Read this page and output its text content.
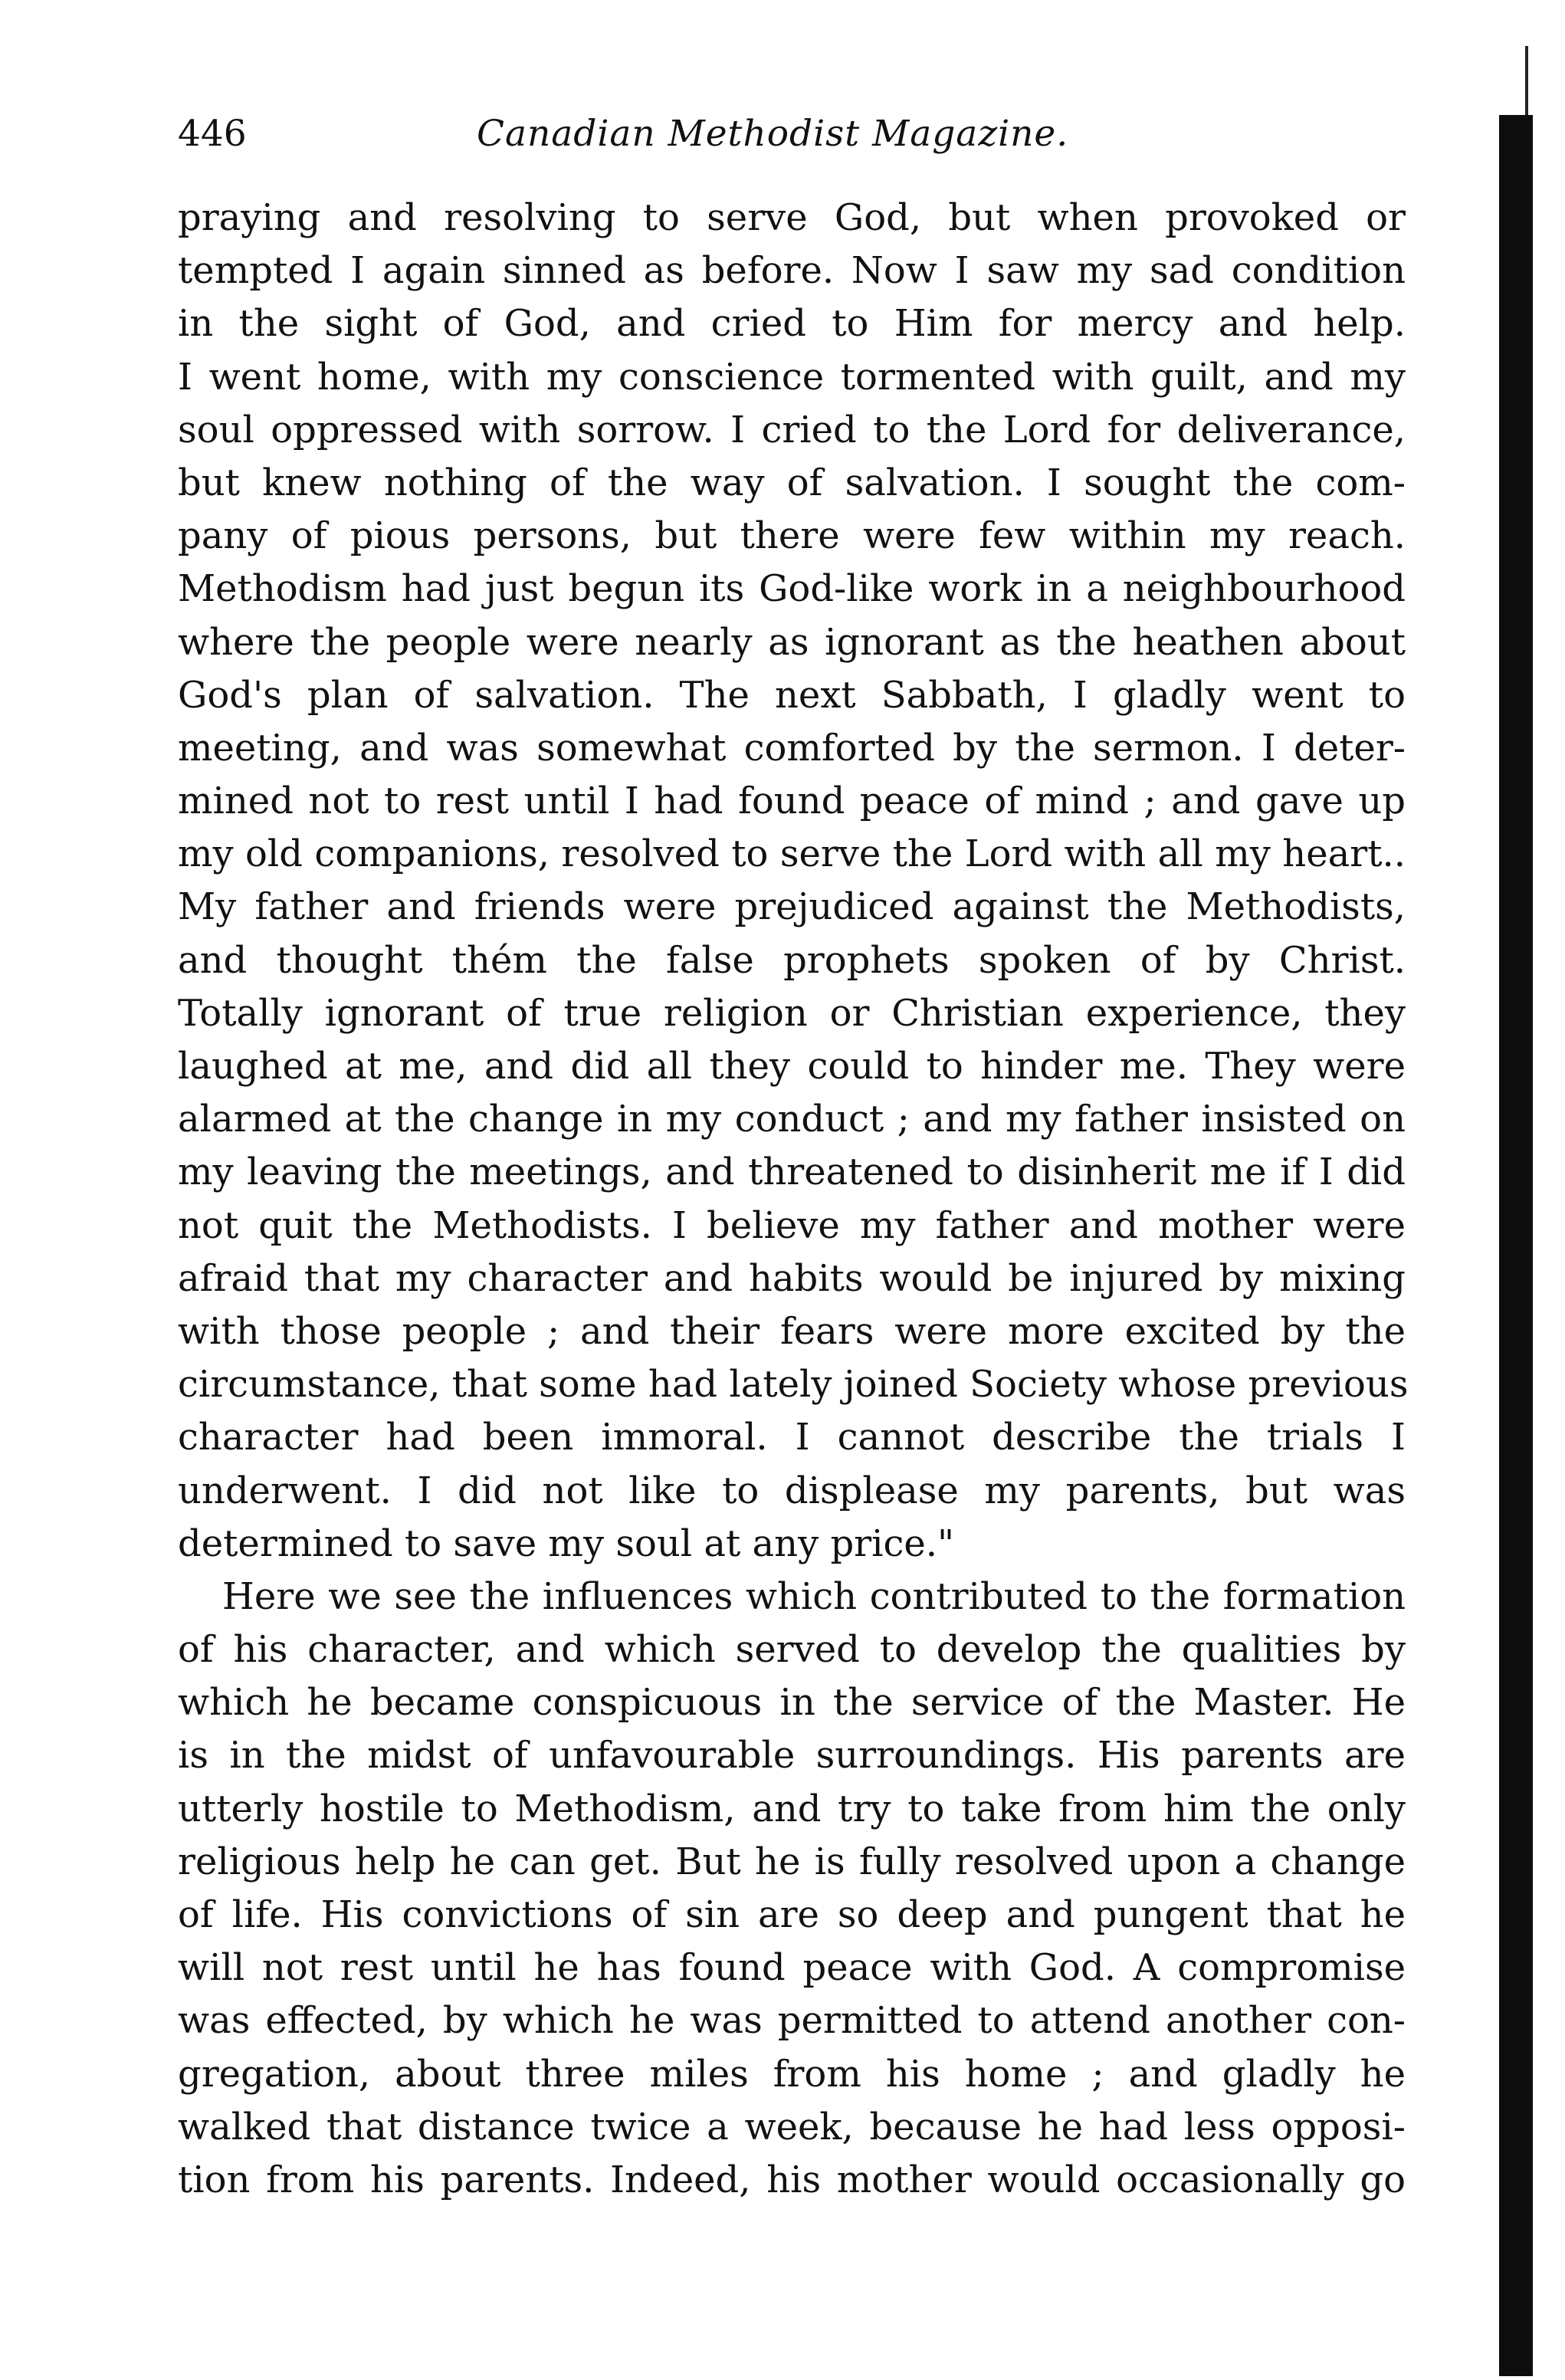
446	Canadian Methodist Magazine.
praying and resolving to serve God, but when provoked or
tempted I again sinned as before. Now I saw my sad condition
in the sight of God, and cried to Him for mercy and help.
I went home, with my conscience tormented with guilt, and my
soul oppressed with sorrow. I cried to the Lord for deliverance,
but knew nothing of the way of salvation. I sought the com-
pany of pious persons, but there were few within my reach.
Methodism had just begun its God-like work in a neighbourhood
where the people were nearly as ignorant as the heathen about
God's plan of salvation. The next Sabbath, I gladly went to
meeting, and was somewhat comforted by the sermon. I deter-
mined not to rest until I had found peace of mind ; and gave up
my old companions, resolved to serve the Lord with all my heart..
My father and friends were prejudiced against the Methodists,
and thought thém the false prophets spoken of by Christ.
Totally ignorant of true religion or Christian experience, they
laughed at me, and did all they could to hinder me. They were
alarmed at the change in my conduct ; and my father insisted on
my leaving the meetings, and threatened to disinherit me if I did
not quit the Methodists. I believe my father and mother were
afraid that my character and habits would be injured by mixing
with those people ; and their fears were more excited by the
circumstance, that some had lately joined Society whose previous
character had been immoral. I cannot describe the trials I
underwent. I did not like to displease my parents, but was
determined to save my soul at any price."
Here we see the influences which contributed to the formation
of his character, and which served to develop the qualities by
which he became conspicuous in the service of the Master. He
is in the midst of unfavourable surroundings. His parents are
utterly hostile to Methodism, and try to take from him the only
religious help he can get. But he is fully resolved upon a change
of life. His convictions of sin are so deep and pungent that he
will not rest until he has found peace with God. A compromise
was effected, by which he was permitted to attend another con-
gregation, about three miles from his home ; and gladly he
walked that distance twice a week, because he had less opposi-
tion from his parents. Indeed, his mother would occasionally go
